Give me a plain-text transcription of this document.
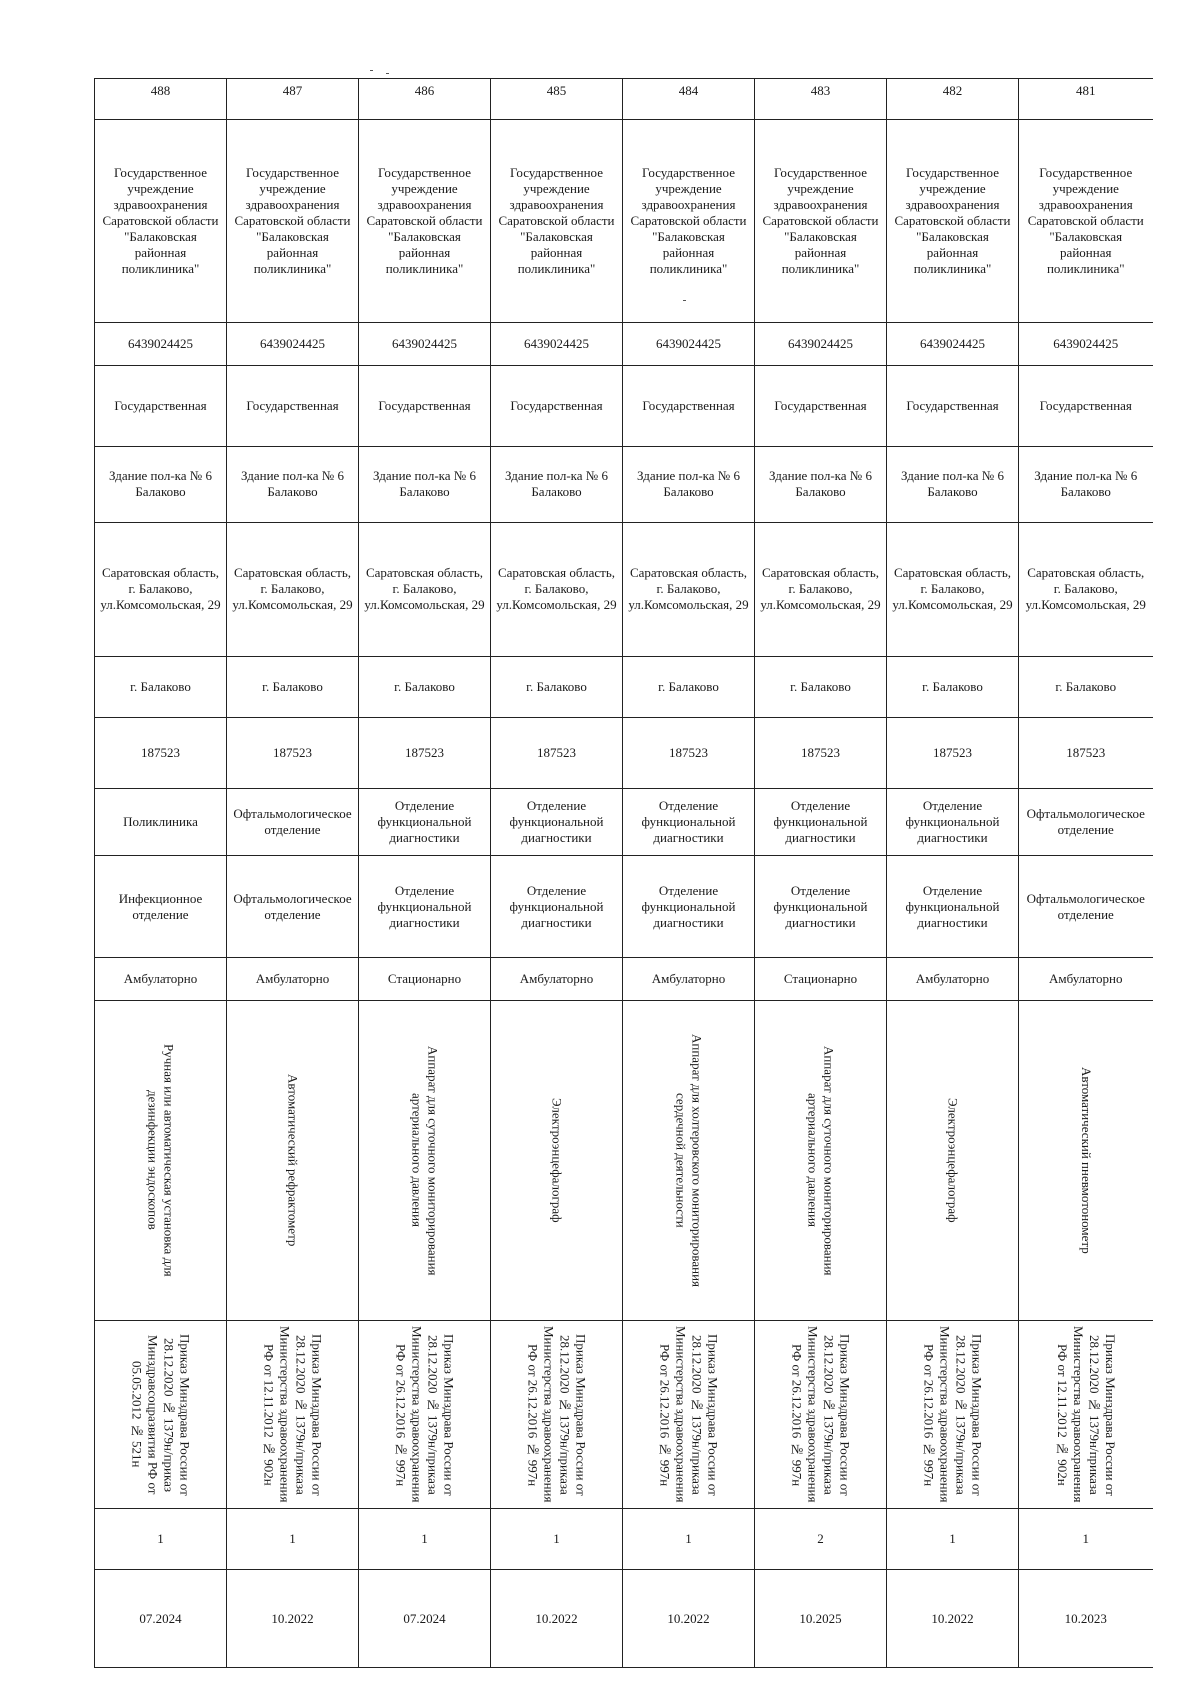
488	487	486	485	484	483	482	481
Государственное учреждение здравоохранения Саратовской области "Балаковская районная поликлиника"	Государственное учреждение здравоохранения Саратовской области "Балаковская районная поликлиника"	Государственное учреждение здравоохранения Саратовской области "Балаковская районная поликлиника"	Государственное учреждение здравоохранения Саратовской области "Балаковская районная поликлиника"	Государственное учреждение здравоохранения Саратовской области "Балаковская районная поликлиника"	Государственное учреждение здравоохранения Саратовской области "Балаковская районная поликлиника"	Государственное учреждение здравоохранения Саратовской области "Балаковская районная поликлиника"	Государственное учреждение здравоохранения Саратовской области "Балаковская районная поликлиника"
6439024425	6439024425	6439024425	6439024425	6439024425	6439024425	6439024425	6439024425
Государственная	Государственная	Государственная	Государственная	Государственная	Государственная	Государственная	Государственная
Здание пол-ка № 6 Балаково	Здание пол-ка № 6 Балаково	Здание пол-ка № 6 Балаково	Здание пол-ка № 6 Балаково	Здание пол-ка № 6 Балаково	Здание пол-ка № 6 Балаково	Здание пол-ка № 6 Балаково	Здание пол-ка № 6 Балаково
Саратовская область, г. Балаково, ул.Комсомольская, 29	Саратовская область, г. Балаково, ул.Комсомольская, 29	Саратовская область, г. Балаково, ул.Комсомольская, 29	Саратовская область, г. Балаково, ул.Комсомольская, 29	Саратовская область, г. Балаково, ул.Комсомольская, 29	Саратовская область, г. Балаково, ул.Комсомольская, 29	Саратовская область, г. Балаково, ул.Комсомольская, 29	Саратовская область, г. Балаково, ул.Комсомольская, 29
г. Балаково	г. Балаково	г. Балаково	г. Балаково	г. Балаково	г. Балаково	г. Балаково	г. Балаково
187523	187523	187523	187523	187523	187523	187523	187523
Поликлиника	Офтальмологическое отделение	Отделение функциональной диагностики	Отделение функциональной диагностики	Отделение функциональной диагностики	Отделение функциональной диагностики	Отделение функциональной диагностики	Офтальмологическое отделение
Инфекционное отделение	Офтальмологическое отделение	Отделение функциональной диагностики	Отделение функциональной диагностики	Отделение функциональной диагностики	Отделение функциональной диагностики	Отделение функциональной диагностики	Офтальмологическое отделение
Амбулаторно	Амбулаторно	Стационарно	Амбулаторно	Амбулаторно	Стационарно	Амбулаторно	Амбулаторно

Ручная или автоматическая установка для дезинфекции эндоскопов	Автоматический рефрактометр	Аппарат для суточного мониторирования артериального давления	Электроэнцефалограф	Аппарат для холтеровского мониторирования сердечной деятельности	Аппарат для суточного мониторирования артериального давления	Электроэнцефалограф	Автоматический пневмотонометр

Приказ Минздрава России от 28.12.2020 № 1379н/приказ Минздравсоцразвития РФ от 05.05.2012 № 521н	Приказ Минздрава России от 28.12.2020 № 1379н/приказа Министерства здравоохранения РФ от 12.11.2012 № 902н	Приказ Минздрава России от 28.12.2020 № 1379н/приказа Министерства здравоохранения РФ от 26.12.2016 № 997н	Приказ Минздрава России от 28.12.2020 № 1379н/приказа Министерства здравоохранения РФ от 26.12.2016 № 997н	Приказ Минздрава России от 28.12.2020 № 1379н/приказа Министерства здравоохранения РФ от 26.12.2016 № 997н	Приказ Минздрава России от 28.12.2020 № 1379н/приказа Министерства здравоохранения РФ от 26.12.2016 № 997н	Приказ Минздрава России от 28.12.2020 № 1379н/приказа Министерства здравоохранения РФ от 26.12.2016 № 997н	Приказ Минздрава России от 28.12.2020 № 1379н/приказа Министерства здравоохранения РФ от 12.11.2012 № 902н

1	1	1	1	1	2	1	1
07.2024	10.2022	07.2024	10.2022	10.2022	10.2025	10.2022	10.2023
